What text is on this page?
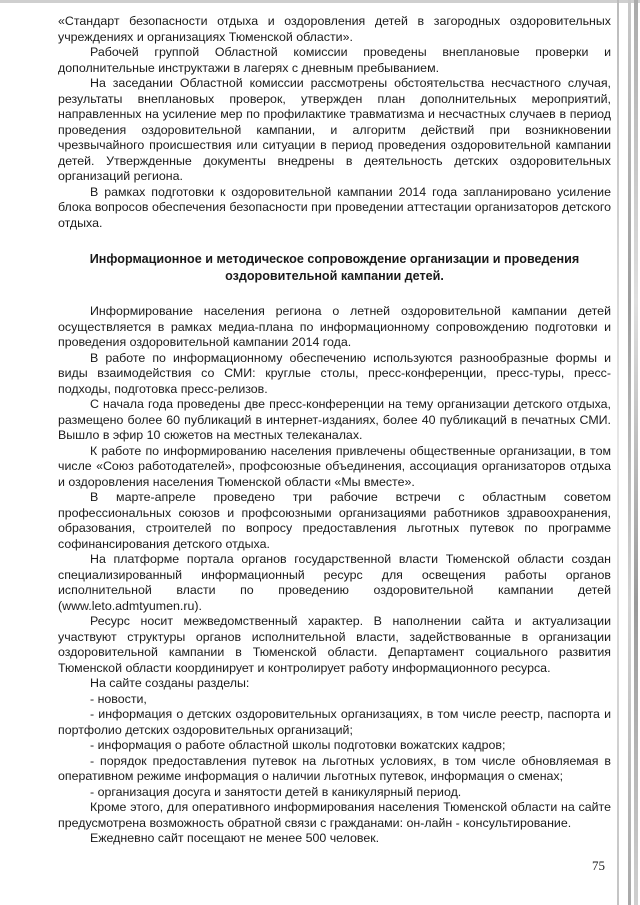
«Стандарт безопасности отдыха и оздоровления детей в загородных оздоровительных учреждениях и организациях Тюменской области».

Рабочей группой Областной комиссии проведены внеплановые проверки и дополнительные инструктажи в лагерях с дневным пребыванием.

На заседании Областной комиссии рассмотрены обстоятельства несчастного случая, результаты внеплановых проверок, утвержден план дополнительных мероприятий, направленных на усиление мер по профилактике травматизма и несчастных случаев в период проведения оздоровительной кампании, и алгоритм действий при возникновении чрезвычайного происшествия или ситуации в период проведения оздоровительной кампании детей. Утвержденные документы внедрены в деятельность детских оздоровительных организаций региона.

В рамках подготовки к оздоровительной кампании 2014 года запланировано усиление блока вопросов обеспечения безопасности при проведении аттестации организаторов детского отдыха.

Информационное и методическое сопровождение организации и проведения
оздоровительной кампании детей.

Информирование населения региона о летней оздоровительной кампании детей осуществляется в рамках медиа-плана по информационному сопровождению подготовки и проведения оздоровительной кампании 2014 года.

В работе по информационному обеспечению используются разнообразные формы и виды взаимодействия со СМИ: круглые столы, пресс-конференции, пресс-туры, пресс-подходы, подготовка пресс-релизов.

С начала года проведены две пресс-конференции на тему организации детского отдыха, размещено более 60 публикаций в интернет-изданиях, более 40 публикаций в печатных СМИ. Вышло в эфир 10 сюжетов на местных телеканалах.

К работе по информированию населения привлечены общественные организации, в том числе «Союз работодателей», профсоюзные объединения, ассоциация организаторов отдыха и оздоровления населения Тюменской области «Мы вместе».

В марте-апреле проведено три рабочие встречи с областным советом профессиональных союзов и профсоюзными организациями работников здравоохранения, образования, строителей по вопросу предоставления льготных путевок по программе софинансирования детского отдыха.

На платформе портала органов государственной власти Тюменской области создан специализированный информационный ресурс для освещения работы органов исполнительной власти по проведению оздоровительной кампании детей (www.leto.admtyumen.ru).

Ресурс носит межведомственный характер. В наполнении сайта и актуализации участвуют структуры органов исполнительной власти, задействованные в организации оздоровительной кампании в Тюменской области. Департамент социального развития Тюменской области координирует и контролирует работу информационного ресурса.

На сайте созданы разделы:

- новости,

- информация о детских оздоровительных организациях, в том числе реестр, паспорта и портфолио детских оздоровительных организаций;

- информация о работе областной школы подготовки вожатских кадров;

- порядок предоставления путевок на льготных условиях, в том числе обновляемая в оперативном режиме информация о наличии льготных путевок, информация о сменах;

- организация досуга и занятости детей в каникулярный период.

Кроме этого, для оперативного информирования населения Тюменской области на сайте предусмотрена возможность обратной связи с гражданами: он-лайн - консультирование.

Ежедневно сайт посещают не менее 500 человек.

75
